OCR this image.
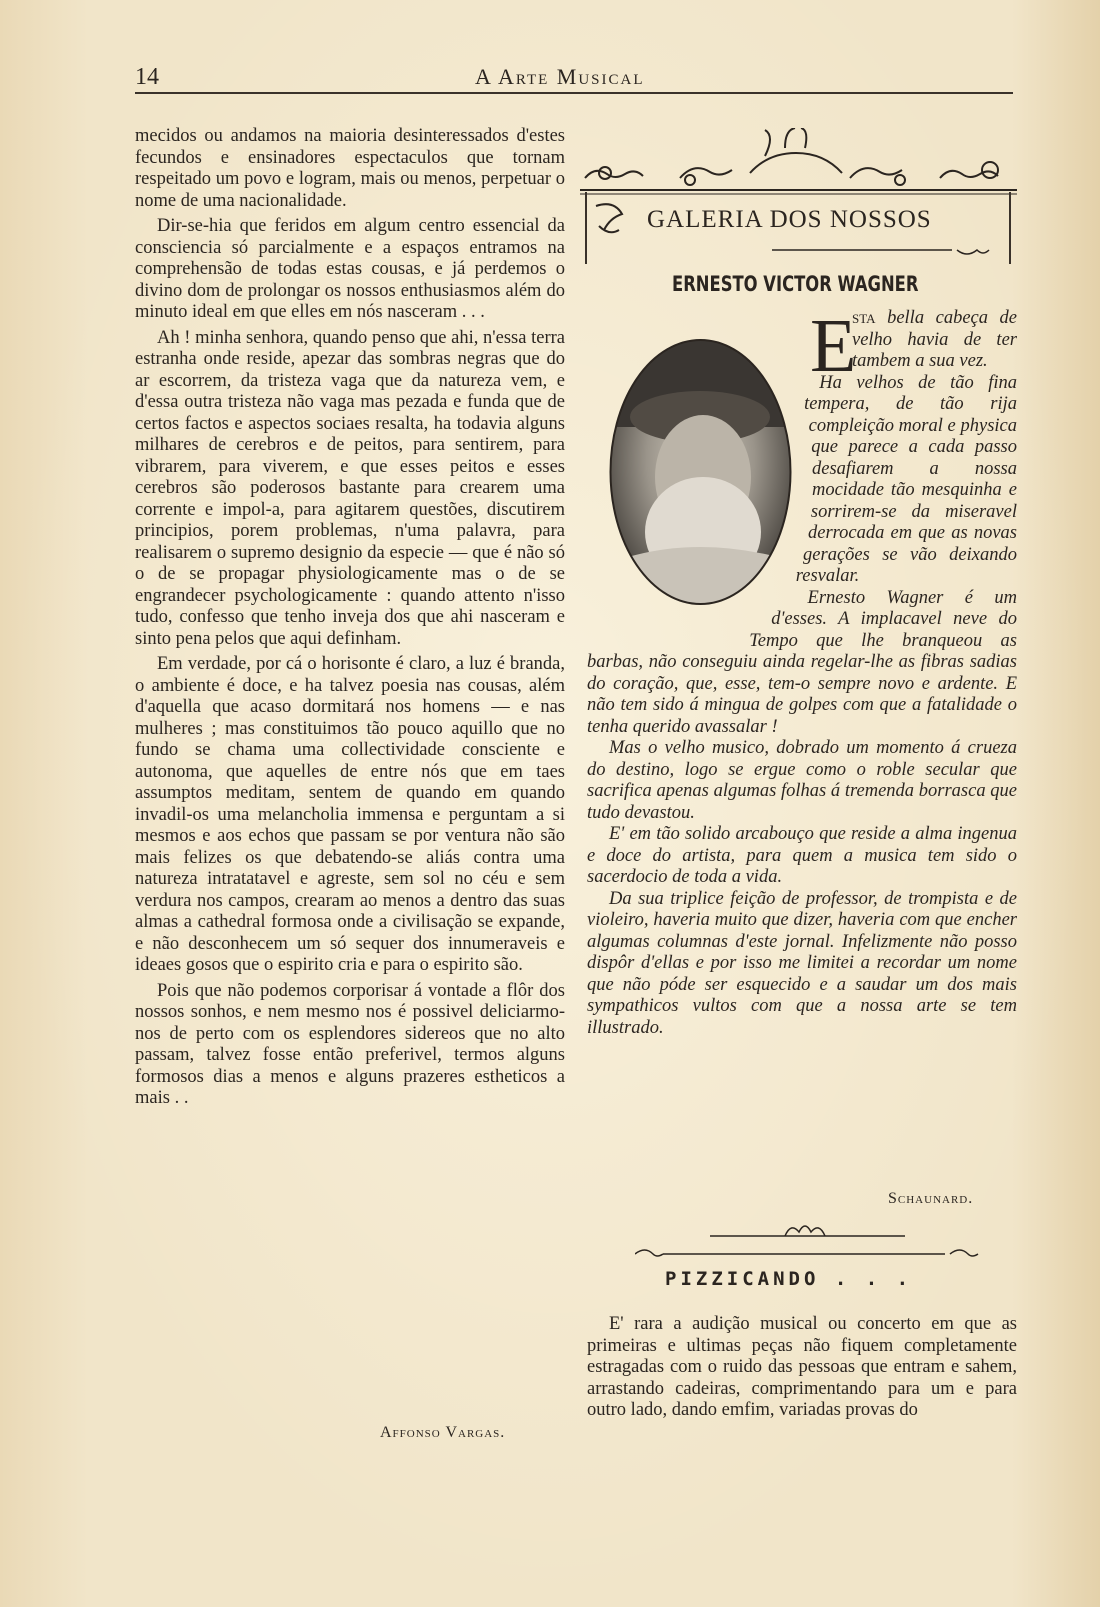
14	A Arte Musical

mecidos ou andamos na maioria desinteressados d'estes fecundos e ensinadores espectaculos que tornam respeitado um povo e logram, mais ou menos, perpetuar o nome de uma nacionalidade.

Dir-se-hia que feridos em algum centro essencial da consciencia só parcialmente e a espaços entramos na comprehensão de todas estas cousas, e já perdemos o divino dom de prolongar os nossos enthusiasmos além do minuto ideal em que elles em nós nasceram . . .

Ah ! minha senhora, quando penso que ahi, n'essa terra estranha onde reside, apezar das sombras negras que do ar escorrem, da tristeza vaga que da natureza vem, e d'essa outra tristeza não vaga mas pezada e funda que de certos factos e aspectos sociaes resalta, ha todavia alguns milhares de cerebros e de peitos, para sentirem, para vibrarem, para viverem, e que esses peitos e esses cerebros são poderosos bastante para crearem uma corrente e impol-a, para agitarem questões, discutirem principios, porem problemas, n'uma palavra, para realisarem o supremo designio da especie — que é não só o de se propagar physiologicamente mas o de se engrandecer psychologicamente : quando attento n'isso tudo, confesso que tenho inveja dos que ahi nasceram e sinto pena pelos que aqui definham.

Em verdade, por cá o horisonte é claro, a luz é branda, o ambiente é doce, e ha talvez poesia nas cousas, além d'aquella que acaso dormitará nos homens — e nas mulheres ; mas constituimos tão pouco aquillo que no fundo se chama uma collectividade consciente e autonoma, que aquelles de entre nós que em taes assumptos meditam, sentem de quando em quando invadil-os uma melancholia immensa e perguntam a si mesmos e aos echos que passam se por ventura não são mais felizes os que debatendo-se aliás contra uma natureza intratatavel e agreste, sem sol no céu e sem verdura nos campos, crearam ao menos a dentro das suas almas a cathedral formosa onde a civilisação se expande, e não desconhecem um só sequer dos innumeraveis e ideaes gosos que o espirito cria e para o espirito são.

Pois que não podemos corporisar á vontade a flôr dos nossos sonhos, e nem mesmo nos é possivel deliciarmo-nos de perto com os esplendores sidereos que no alto passam, talvez fosse então preferivel, termos alguns formosos dias a menos e alguns prazeres estheticos a mais . .

Affonso Vargas.
GALERIA DOS NOSSOS
ERNESTO VICTOR WAGNER
E

sta bella cabeça de velho havia de ter tambem a sua vez.

Ha velhos de tão fina tempera, de tão rija compleição moral e physica que parece a cada passo desafiarem a nossa mocidade tão mesquinha e sorrirem-se da miseravel derrocada em que as novas gerações se vão deixando resvalar.

Ernesto Wagner é um d'esses. A implacavel neve do Tempo que lhe branqueou as barbas, não conseguiu ainda regelar-lhe as fibras sadias do coração, que, esse, tem-o sempre novo e ardente. E não tem sido á mingua de golpes com que a fatalidade o tenha querido avassalar !

Mas o velho musico, dobrado um momento á crueza do destino, logo se ergue como o roble secular que sacrifica apenas algumas folhas á tremenda borrasca que tudo devastou.

E' em tão solido arcabouço que reside a alma ingenua e doce do artista, para quem a musica tem sido o sacerdocio de toda a vida.

Da sua triplice feição de professor, de trompista e de violeiro, haveria muito que dizer, haveria com que encher algumas columnas d'este jornal. Infelizmente não posso dispôr d'ellas e por isso me limitei a recordar um nome que não póde ser esquecido e a saudar um dos mais sympathicos vultos com que a nossa arte se tem illustrado.

Schaunard.
PIZZICANDO . . .

E' rara a audição musical ou concerto em que as primeiras e ultimas peças não fiquem completamente estragadas com o ruido das pessoas que entram e sahem, arrastando cadeiras, comprimentando para um e para outro lado, dando emfim, variadas provas do
